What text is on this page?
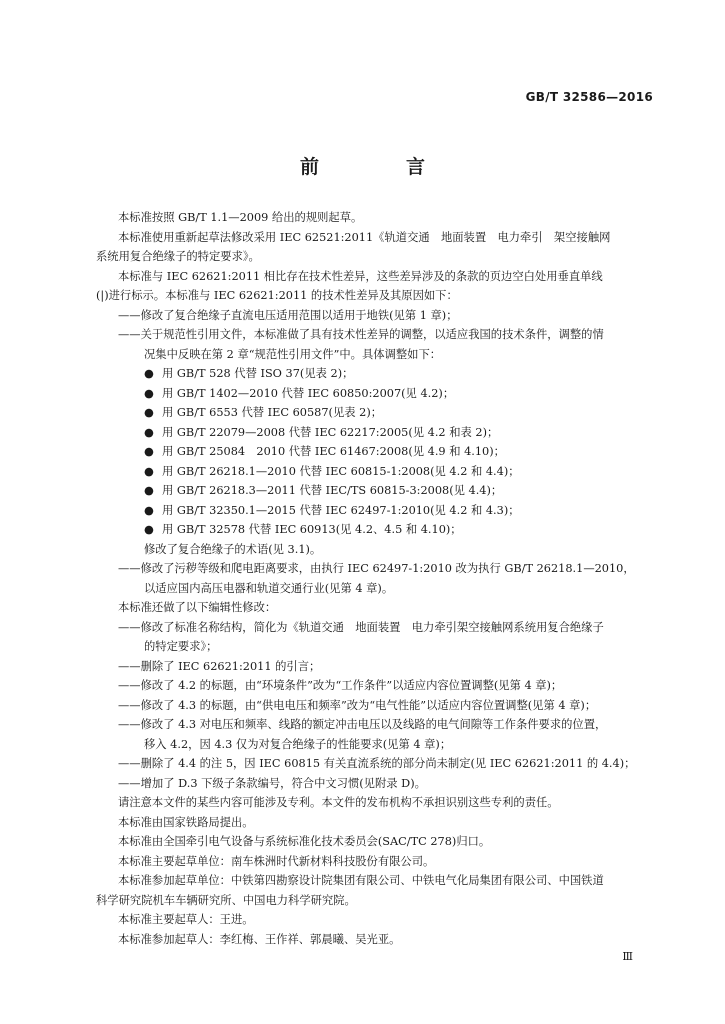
GB/T 32586—2016
前　言
本标准按照 GB/T 1.1—2009 给出的规则起草。
本标准使用重新起草法修改采用 IEC 62521:2011《轨道交通　地面装置　电力牵引　架空接触网
系统用复合绝缘子的特定要求》。
本标准与 IEC 62621:2011 相比存在技术性差异，这些差异涉及的条款的页边空白处用垂直单线
(|)进行标示。本标准与 IEC 62621:2011 的技术性差异及其原因如下：
——修改了复合绝缘子直流电压适用范围以适用于地铁(见第 1 章)；
——关于规范性引用文件，本标准做了具有技术性差异的调整，以适应我国的技术条件，调整的情
况集中反映在第 2 章“规范性引用文件”中。具体调整如下：
● 用 GB/T 528 代替 ISO 37(见表 2)；
● 用 GB/T 1402—2010 代替 IEC 60850:2007(见 4.2)；
● 用 GB/T 6553 代替 IEC 60587(见表 2)；
● 用 GB/T 22079—2008 代替 IEC 62217:2005(见 4.2 和表 2)；
● 用 GB/T 25084　2010 代替 IEC 61467:2008(见 4.9 和 4.10)；
● 用 GB/T 26218.1—2010 代替 IEC 60815-1:2008(见 4.2 和 4.4)；
● 用 GB/T 26218.3—2011 代替 IEC/TS 60815-3:2008(见 4.4)；
● 用 GB/T 32350.1—2015 代替 IEC 62497-1:2010(见 4.2 和 4.3)；
● 用 GB/T 32578 代替 IEC 60913(见 4.2、4.5 和 4.10)；
修改了复合绝缘子的术语(见 3.1)。
——修改了污秽等级和爬电距离要求，由执行 IEC 62497-1:2010 改为执行 GB/T 26218.1—2010，
以适应国内高压电器和轨道交通行业(见第 4 章)。
本标准还做了以下编辑性修改：
——修改了标准名称结构，简化为《轨道交通　地面装置　电力牵引架空接触网系统用复合绝缘子
的特定要求》；
——删除了 IEC 62621:2011 的引言；
——修改了 4.2 的标题，由“环境条件”改为“工作条件”以适应内容位置调整(见第 4 章)；
——修改了 4.3 的标题，由“供电电压和频率”改为“电气性能”以适应内容位置调整(见第 4 章)；
——修改了 4.3 对电压和频率、线路的额定冲击电压以及线路的电气间隙等工作条件要求的位置，
移入 4.2，因 4.3 仅为对复合绝缘子的性能要求(见第 4 章)；
——删除了 4.4 的注 5，因 IEC 60815 有关直流系统的部分尚未制定(见 IEC 62621:2011 的 4.4)；
——增加了 D.3 下级子条款编号，符合中文习惯(见附录 D)。
请注意本文件的某些内容可能涉及专利。本文件的发布机构不承担识别这些专利的责任。
本标准由国家铁路局提出。
本标准由全国牵引电气设备与系统标准化技术委员会(SAC/TC 278)归口。
本标准主要起草单位：南车株洲时代新材料科技股份有限公司。
本标准参加起草单位：中铁第四勘察设计院集团有限公司、中铁电气化局集团有限公司、中国铁道
科学研究院机车车辆研究所、中国电力科学研究院。
本标准主要起草人：王进。
本标准参加起草人：李红梅、王作祥、郭晨曦、吴光亚。
Ⅲ
